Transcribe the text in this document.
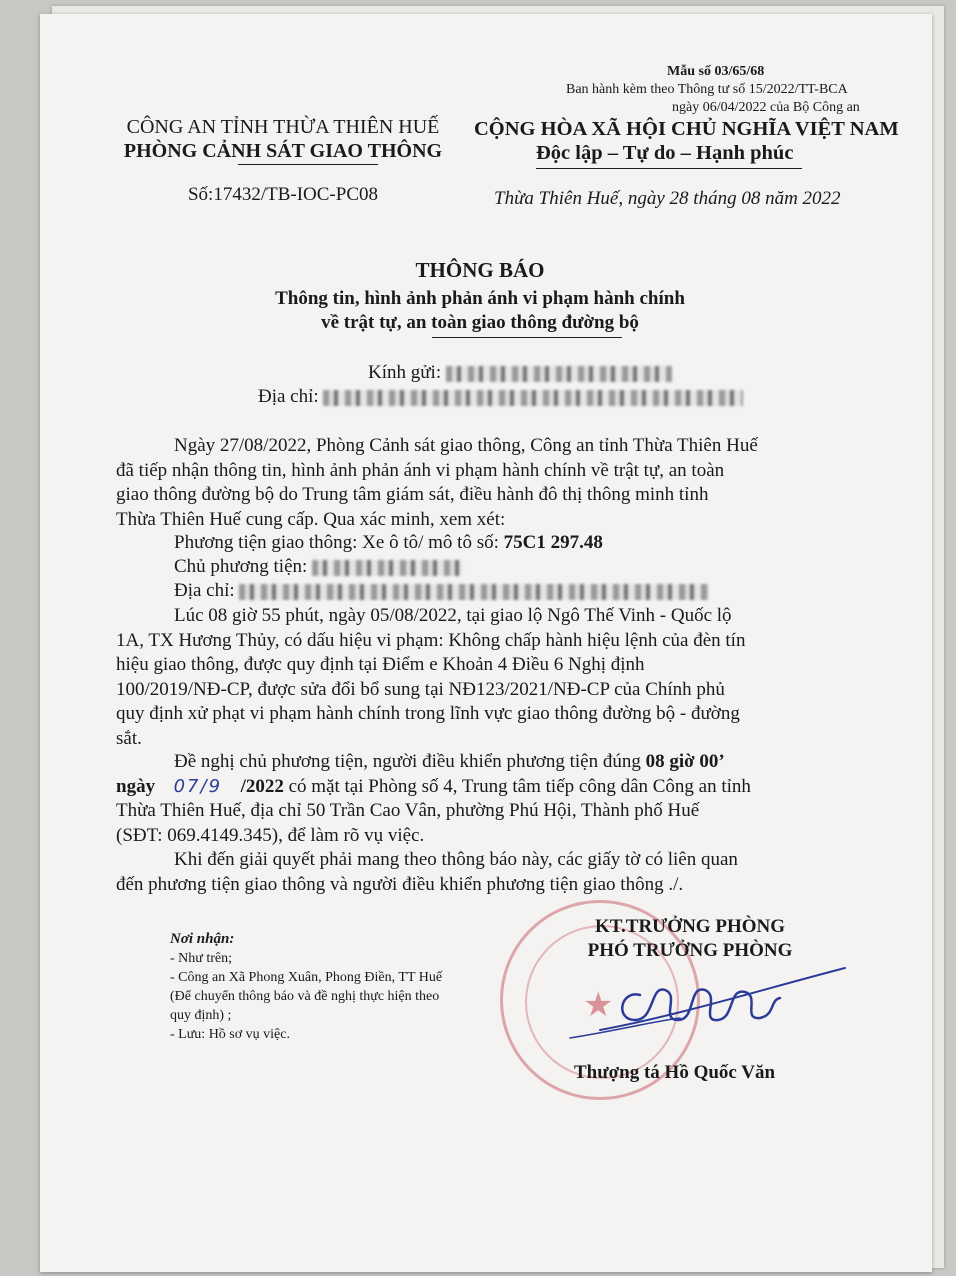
Mẫu số 03/65/68
Ban hành kèm theo Thông tư số 15/2022/TT-BCA
ngày 06/04/2022 của Bộ Công an
CÔNG AN TỈNH THỪA THIÊN HUẾ
PHÒNG CẢNH SÁT GIAO THÔNG
Số:17432/TB-IOC-PC08
CỘNG HÒA XÃ HỘI CHỦ NGHĨA VIỆT NAM
Độc lập – Tự do – Hạnh phúc
Thừa Thiên Huế, ngày 28 tháng 08 năm 2022
THÔNG BÁO
Thông tin, hình ảnh phản ánh vi phạm hành chính
về trật tự, an toàn giao thông đường bộ
Kính gửi:
Địa chỉ:
Ngày 27/08/2022, Phòng Cảnh sát giao thông, Công an tỉnh Thừa Thiên Huế
đã tiếp nhận thông tin, hình ảnh phản ánh vi phạm hành chính về trật tự, an toàn
giao thông đường bộ do Trung tâm giám sát, điều hành đô thị thông minh tỉnh
Thừa Thiên Huế cung cấp. Qua xác minh, xem xét:
Phương tiện giao thông: Xe ô tô/ mô tô số: 75C1 297.48
Chủ phương tiện:
Địa chỉ:
Lúc 08 giờ 55 phút, ngày 05/08/2022, tại giao lộ Ngô Thế Vinh - Quốc lộ
1A, TX Hương Thủy, có dấu hiệu vi phạm: Không chấp hành hiệu lệnh của đèn tín
hiệu giao thông, được quy định tại Điểm e Khoản 4 Điều 6 Nghị định
100/2019/NĐ-CP, được sửa đổi bổ sung tại NĐ123/2021/NĐ-CP của Chính phủ
quy định xử phạt vi phạm hành chính trong lĩnh vực giao thông đường bộ - đường
sắt.
Đề nghị chủ phương tiện, người điều khiển phương tiện đúng 08 giờ 00’
ngày 07/9 /2022 có mặt tại Phòng số 4, Trung tâm tiếp công dân Công an tỉnh
Thừa Thiên Huế, địa chỉ 50 Trần Cao Vân, phường Phú Hội, Thành phố Huế
(SĐT: 069.4149.345), để làm rõ vụ việc.
Khi đến giải quyết phải mang theo thông báo này, các giấy tờ có liên quan
đến phương tiện giao thông và người điều khiển phương tiện giao thông ./.
Nơi nhận:
- Như trên;
- Công an Xã Phong Xuân, Phong Điền, TT Huế
(Để chuyển thông báo và đề nghị thực hiện theo
quy định) ;
- Lưu: Hồ sơ vụ việc.
★
KT.TRƯỞNG PHÒNG
PHÓ TRƯỞNG PHÒNG
Thượng tá Hồ Quốc Văn
